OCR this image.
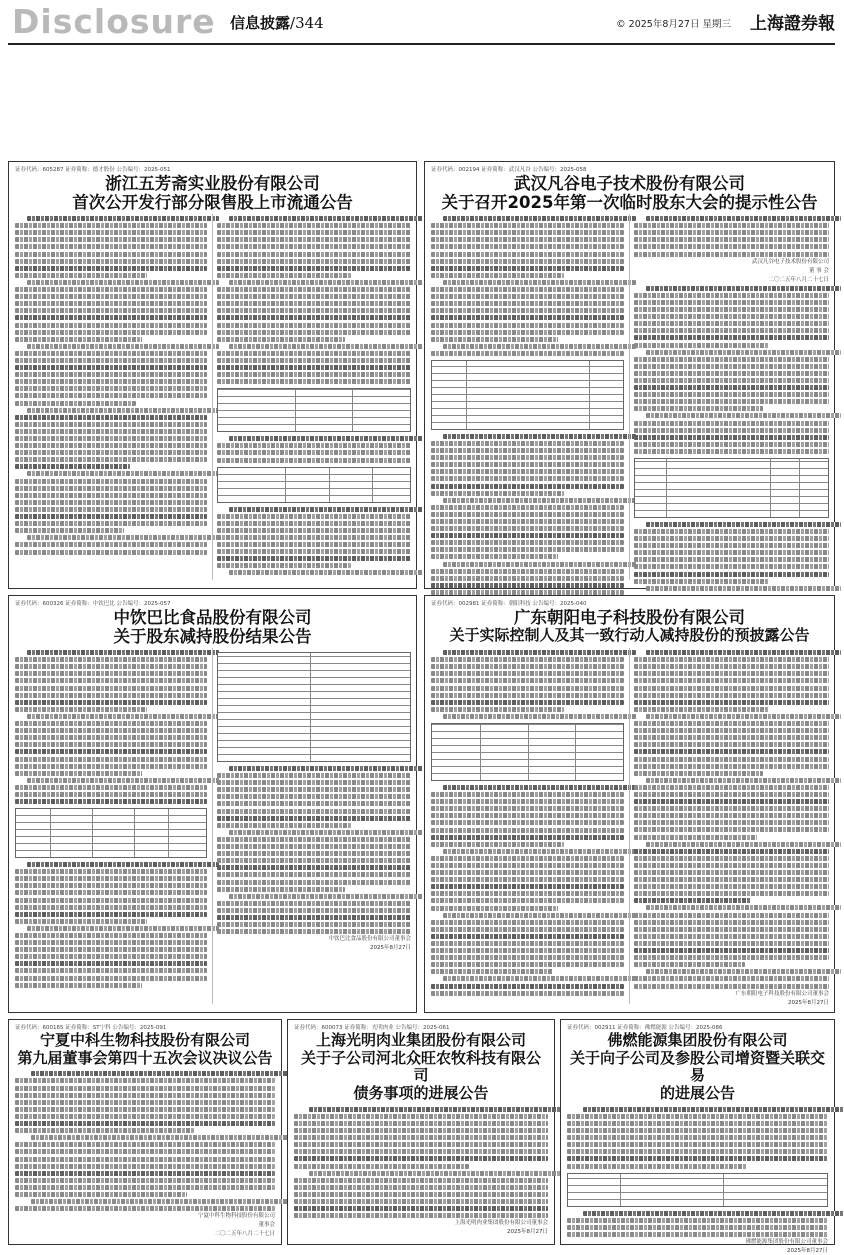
Disclosure 信息披露/344	© 2025年8月27日 星期三 上海證券報
证券代码：605287 证券简称：德才股份 公告编号：2025-051
浙江五芳斋实业股份有限公司
首次公开发行部分限售股上市流通公告
证券代码：002194 证券简称：武汉凡谷 公告编号：2025-058
武汉凡谷电子技术股份有限公司
关于召开2025年第一次临时股东大会的提示性公告
武汉凡谷电子技术股份有限公司
董 事 会
二〇二五年八月二十七日
证券代码：600326 证券简称：中饮巴比 公告编号：2025-057
中饮巴比食品股份有限公司
关于股东减持股份结果公告
中饮巴比食品股份有限公司董事会
2025年8月27日
证券代码：002981 证券简称：朝阳科技 公告编号：2025-040
广东朝阳电子科技股份有限公司
关于实际控制人及其一致行动人减持股份的预披露公告
广东朝阳电子科技股份有限公司董事会
2025年8月27日
证券代码：600165 证券简称：ST宁科 公告编号：2025-091
宁夏中科生物科技股份有限公司
第九届董事会第四十五次会议决议公告
宁夏中科生物科技股份有限公司
董事会
二〇二五年八月二十七日
证券代码：600073 证券简称：光明肉业 公告编号：2025-061
上海光明肉业集团股份有限公司
关于子公司河北众旺农牧科技有限公司
债务事项的进展公告
上海光明肉业集团股份有限公司董事会
2025年8月27日
证券代码：002911 证券简称：佛燃能源 公告编号：2025-086
佛燃能源集团股份有限公司
关于向子公司及参股公司增资暨关联交易
的进展公告
佛燃能源集团股份有限公司董事会
2025年8月27日
